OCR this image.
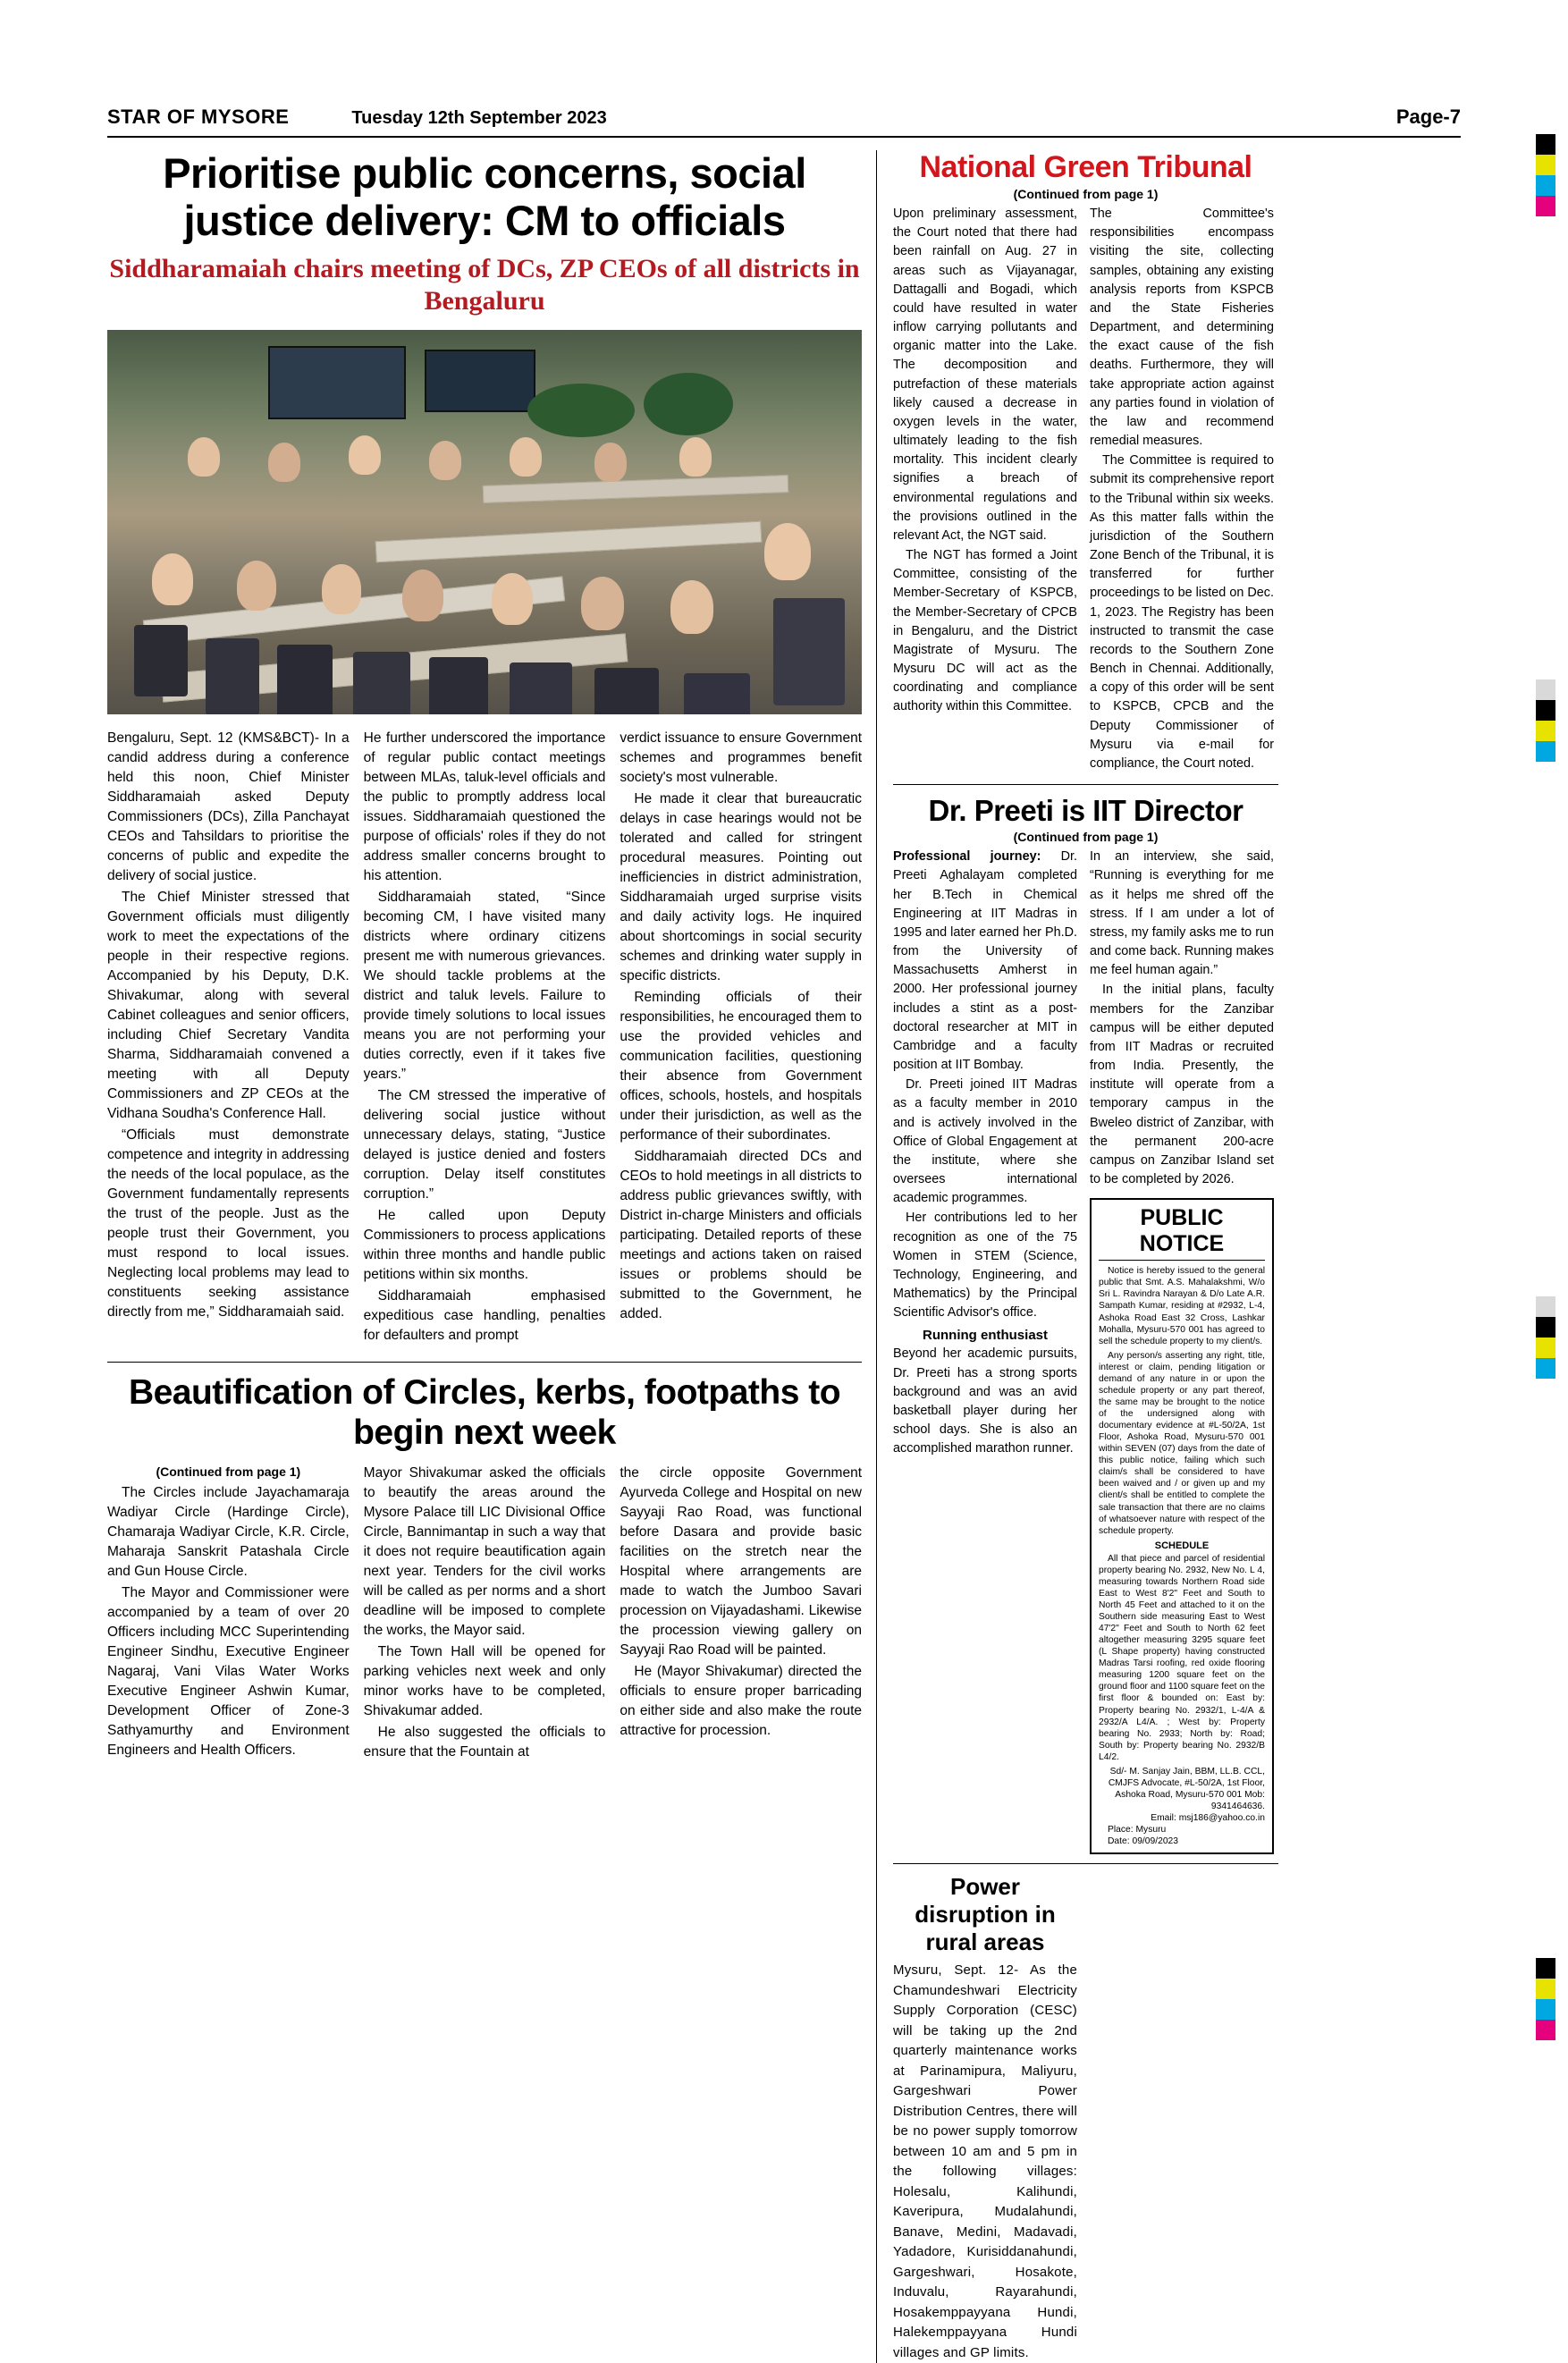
STAR OF MYSORE	Tuesday 12th September 2023	Page-7
Prioritise public concerns, social justice delivery: CM to officials
Siddharamaiah chairs meeting of DCs, ZP CEOs of all districts in Bengaluru

Bengaluru, Sept. 12 (KMS&BCT)- In a candid address during a conference held this noon, Chief Minister Siddharamaiah asked Deputy Commissioners (DCs), Zilla Panchayat CEOs and Tahsildars to prioritise the concerns of public and expedite the delivery of social justice.

The Chief Minister stressed that Government officials must diligently work to meet the expectations of the people in their respective regions. Accompanied by his Deputy, D.K. Shivakumar, along with several Cabinet colleagues and senior officers, including Chief Secretary Vandita Sharma, Siddharamaiah convened a meeting with all Deputy Commissioners and ZP CEOs at the Vidhana Soudha's Conference Hall.

“Officials must demonstrate competence and integrity in addressing the needs of the local populace, as the Government fundamentally represents the trust of the people. Just as the people trust their Government, you must respond to local issues. Neglecting local problems may lead to constituents seeking assistance directly from me,” Siddharamaiah said.

He further underscored the importance of regular public contact meetings between MLAs, taluk-level officials and the public to promptly address local issues. Siddharamaiah questioned the purpose of officials' roles if they do not address smaller concerns brought to his attention.

Siddharamaiah stated, “Since becoming CM, I have visited many districts where ordinary citizens present me with numerous grievances. We should tackle problems at the district and taluk levels. Failure to provide timely solutions to local issues means you are not performing your duties correctly, even if it takes five years.”

The CM stressed the imperative of delivering social justice without unnecessary delays, stating, “Justice delayed is justice denied and fosters corruption. Delay itself constitutes corruption.”

He called upon Deputy Commissioners to process applications within three months and handle public petitions within six months.

Siddharamaiah emphasised expeditious case handling, penalties for defaulters and prompt

verdict issuance to ensure Government schemes and programmes benefit society's most vulnerable.

He made it clear that bureaucratic delays in case hearings would not be tolerated and called for stringent procedural measures. Pointing out inefficiencies in district administration, Siddharamaiah urged surprise visits and daily activity logs. He inquired about shortcomings in social security schemes and drinking water supply in specific districts.

Reminding officials of their responsibilities, he encouraged them to use the provided vehicles and communication facilities, questioning their absence from Government offices, schools, hostels, and hospitals under their jurisdiction, as well as the performance of their subordinates.

Siddharamaiah directed DCs and CEOs to hold meetings in all districts to address public grievances swiftly, with District in-charge Ministers and officials participating. Detailed reports of these meetings and actions taken on raised issues or problems should be submitted to the Government, he added.

Beautification of Circles, kerbs, footpaths to begin next week

(Continued from page 1)

The Circles include Jayachamaraja Wadiyar Circle (Hardinge Circle), Chamaraja Wadiyar Circle, K.R. Circle, Maharaja Sanskrit Patashala Circle and Gun House Circle.

The Mayor and Commissioner were accompanied by a team of over 20 Officers including MCC Superintending Engineer Sindhu, Executive Engineer Nagaraj, Vani Vilas Water Works Executive Engineer Ashwin Kumar, Development Officer of Zone-3 Sathyamurthy and Environment Engineers and Health Officers.

Mayor Shivakumar asked the officials to beautify the areas around the Mysore Palace till LIC Divisional Office Circle, Bannimantap in such a way that it does not require beautification again next year. Tenders for the civil works will be called as per norms and a short deadline will be imposed to complete the works, the Mayor said.

The Town Hall will be opened for parking vehicles next week and only minor works have to be completed, Shivakumar added.

He also suggested the officials to ensure that the Fountain at

the circle opposite Government Ayurveda College and Hospital on new Sayyaji Rao Road, was functional before Dasara and provide basic facilities on the stretch near the Hospital where arrangements are made to watch the Jumboo Savari procession on Vijayadashami. Likewise the procession viewing gallery on Sayyaji Rao Road will be painted.

He (Mayor Shivakumar) directed the officials to ensure proper barricading on either side and also make the route attractive for procession.

National Green Tribunal
(Continued from page 1)

Upon preliminary assessment, the Court noted that there had been rainfall on Aug. 27 in areas such as Vijayanagar, Dattagalli and Bogadi, which could have resulted in water inflow carrying pollutants and organic matter into the Lake. The decomposition and putrefaction of these materials likely caused a decrease in oxygen levels in the water, ultimately leading to the fish mortality. This incident clearly signifies a breach of environmental regulations and the provisions outlined in the relevant Act, the NGT said.

The NGT has formed a Joint Committee, consisting of the Member-Secretary of KSPCB, the Member-Secretary of CPCB in Bengaluru, and the District Magistrate of Mysuru. The Mysuru DC will act as the coordinating and compliance authority within this Committee.

The Committee's responsibilities encompass visiting the site, collecting samples, obtaining any existing analysis reports from KSPCB and the State Fisheries Department, and determining the exact cause of the fish deaths. Furthermore, they will take appropriate action against any parties found in violation of the law and recommend remedial measures.

The Committee is required to submit its comprehensive report to the Tribunal within six weeks. As this matter falls within the jurisdiction of the Southern Zone Bench of the Tribunal, it is transferred for further proceedings to be listed on Dec. 1, 2023. The Registry has been instructed to transmit the case records to the Southern Zone Bench in Chennai. Additionally, a copy of this order will be sent to KSPCB, CPCB and the Deputy Commissioner of Mysuru via e-mail for compliance, the Court noted.

Dr. Preeti is IIT Director
(Continued from page 1)

Professional journey: Dr. Preeti Aghalayam completed her B.Tech in Chemical Engineering at IIT Madras in 1995 and later earned her Ph.D. from the University of Massachusetts Amherst in 2000. Her professional journey includes a stint as a post-doctoral researcher at MIT in Cambridge and a faculty position at IIT Bombay.

Dr. Preeti joined IIT Madras as a faculty member in 2010 and is actively involved in the Office of Global Engagement at the institute, where she oversees international academic programmes.

Her contributions led to her recognition as one of the 75 Women in STEM (Science, Technology, Engineering, and Mathematics) by the Principal Scientific Advisor's office.

Running enthusiast

Beyond her academic pursuits, Dr. Preeti has a strong sports background and was an avid basketball player during her school days. She is also an accomplished marathon runner.

In an interview, she said, “Running is everything for me as it helps me shred off the stress. If I am under a lot of stress, my family asks me to run and come back. Running makes me feel human again.”

In the initial plans, faculty members for the Zanzibar campus will be either deputed from IIT Madras or recruited from India. Presently, the institute will operate from a temporary campus in the Bweleo district of Zanzibar, with the permanent 200-acre campus on Zanzibar Island set to be completed by 2026.

PUBLIC NOTICE

Notice is hereby issued to the general public that Smt. A.S. Mahalakshmi, W/o Sri L. Ravindra Narayan & D/o Late A.R. Sampath Kumar, residing at #2932, L-4, Ashoka Road East 32 Cross, Lashkar Mohalla, Mysuru-570 001 has agreed to sell the schedule property to my client/s.

Any person/s asserting any right, title, interest or claim, pending litigation or demand of any nature in or upon the schedule property or any part thereof, the same may be brought to the notice of the undersigned along with documentary evidence at #L-50/2A, 1st Floor, Ashoka Road, Mysuru-570 001 within SEVEN (07) days from the date of this public notice, failing which such claim/s shall be considered to have been waived and / or given up and my client/s shall be entitled to complete the sale transaction that there are no claims of whatsoever nature with respect of the schedule property.

SCHEDULE

All that piece and parcel of residential property bearing No. 2932, New No. L 4, measuring towards Northern Road side East to West 8'2" Feet and South to North 45 Feet and attached to it on the Southern side measuring East to West 47'2" Feet and South to North 62 feet altogether measuring 3295 square feet (L Shape property) having constructed Madras Tarsi roofing, red oxide flooring measuring 1200 square feet on the ground floor and 1100 square feet on the first floor & bounded on: East by: Property bearing No. 2932/1, L-4/A & 2932/A L4/A. ; West by: Property bearing No. 2933; North by: Road; South by: Property bearing No. 2932/B L4/2.

Sd/- M. Sanjay Jain, BBM, LL.B. CCL, CMJFS Advocate, #L-50/2A, 1st Floor, Ashoka Road, Mysuru-570 001 Mob: 9341464636.

Email: msj186@yahoo.co.in

Place: Mysuru

Date: 09/09/2023

Power disruption in rural areas

Mysuru, Sept. 12- As the Chamundeshwari Electricity Supply Corporation (CESC) will be taking up the 2nd quarterly maintenance works at Parinamipura, Maliyuru, Gargeshwari Power Distribution Centres, there will be no power supply tomorrow between 10 am and 5 pm in the following villages: Holesalu, Kalihundi, Kaveripura, Mudalahundi, Banave, Medini, Madavadi, Yadadore, Kurisiddanahundi, Gargeshwari, Hosakote, Induvalu, Rayarahundi, Hosakemppayyana Hundi, Halekemppayyana Hundi villages and GP limits.
